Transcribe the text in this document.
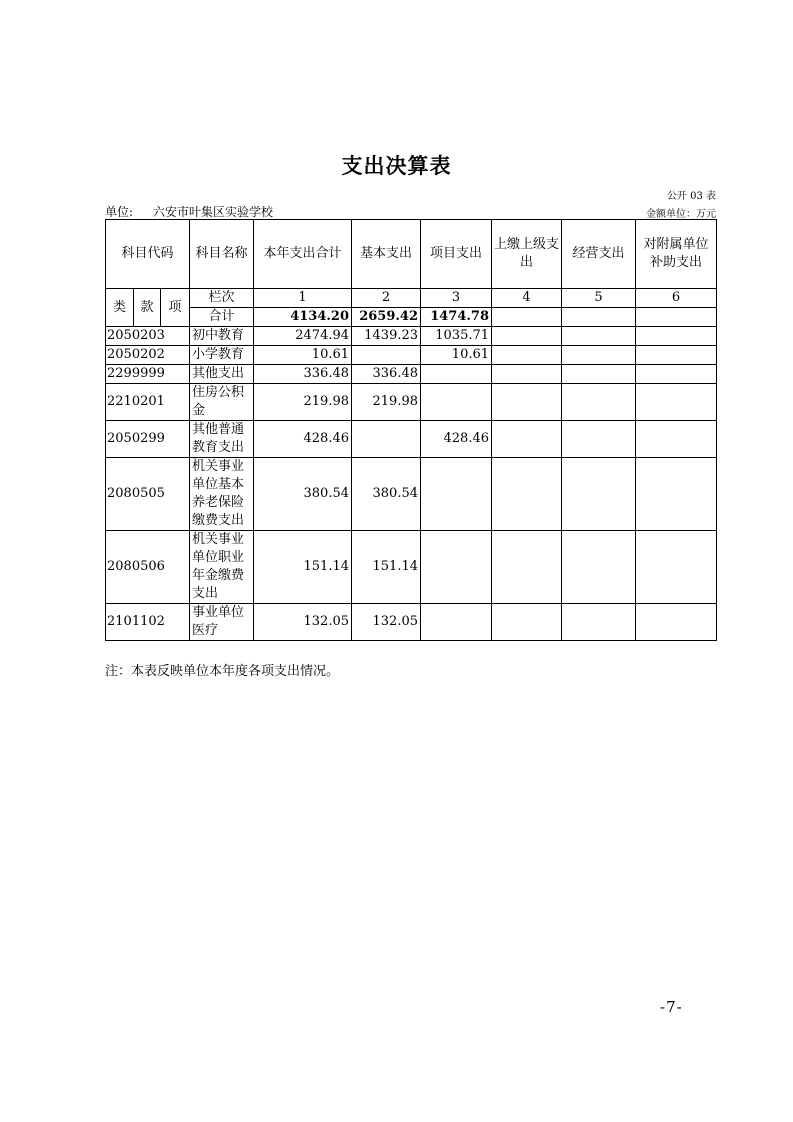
支出决算表
公开 03 表
单位: 六安市叶集区实验学校	金额单位：万元
科目代码			科目名称	本年支出合计	基本支出	项目支出	上缴上级支出	经营支出	对附属单位补助支出
类	款	项	栏次	1	2	3	4	5	6
			合计	4134.20	2659.42	1474.78			
2050203			初中教育	2474.94	1439.23	1035.71			
2050202			小学教育	10.61		10.61			
2299999			其他支出	336.48	336.48				
2210201			住房公积金	219.98	219.98				
2050299			其他普通教育支出	428.46		428.46			
2080505			机关事业单位基本养老保险缴费支出	380.54	380.54				
2080506			机关事业单位职业年金缴费支出	151.14	151.14				
2101102			事业单位医疗	132.05	132.05				
注：本表反映单位本年度各项支出情况。
-7-
